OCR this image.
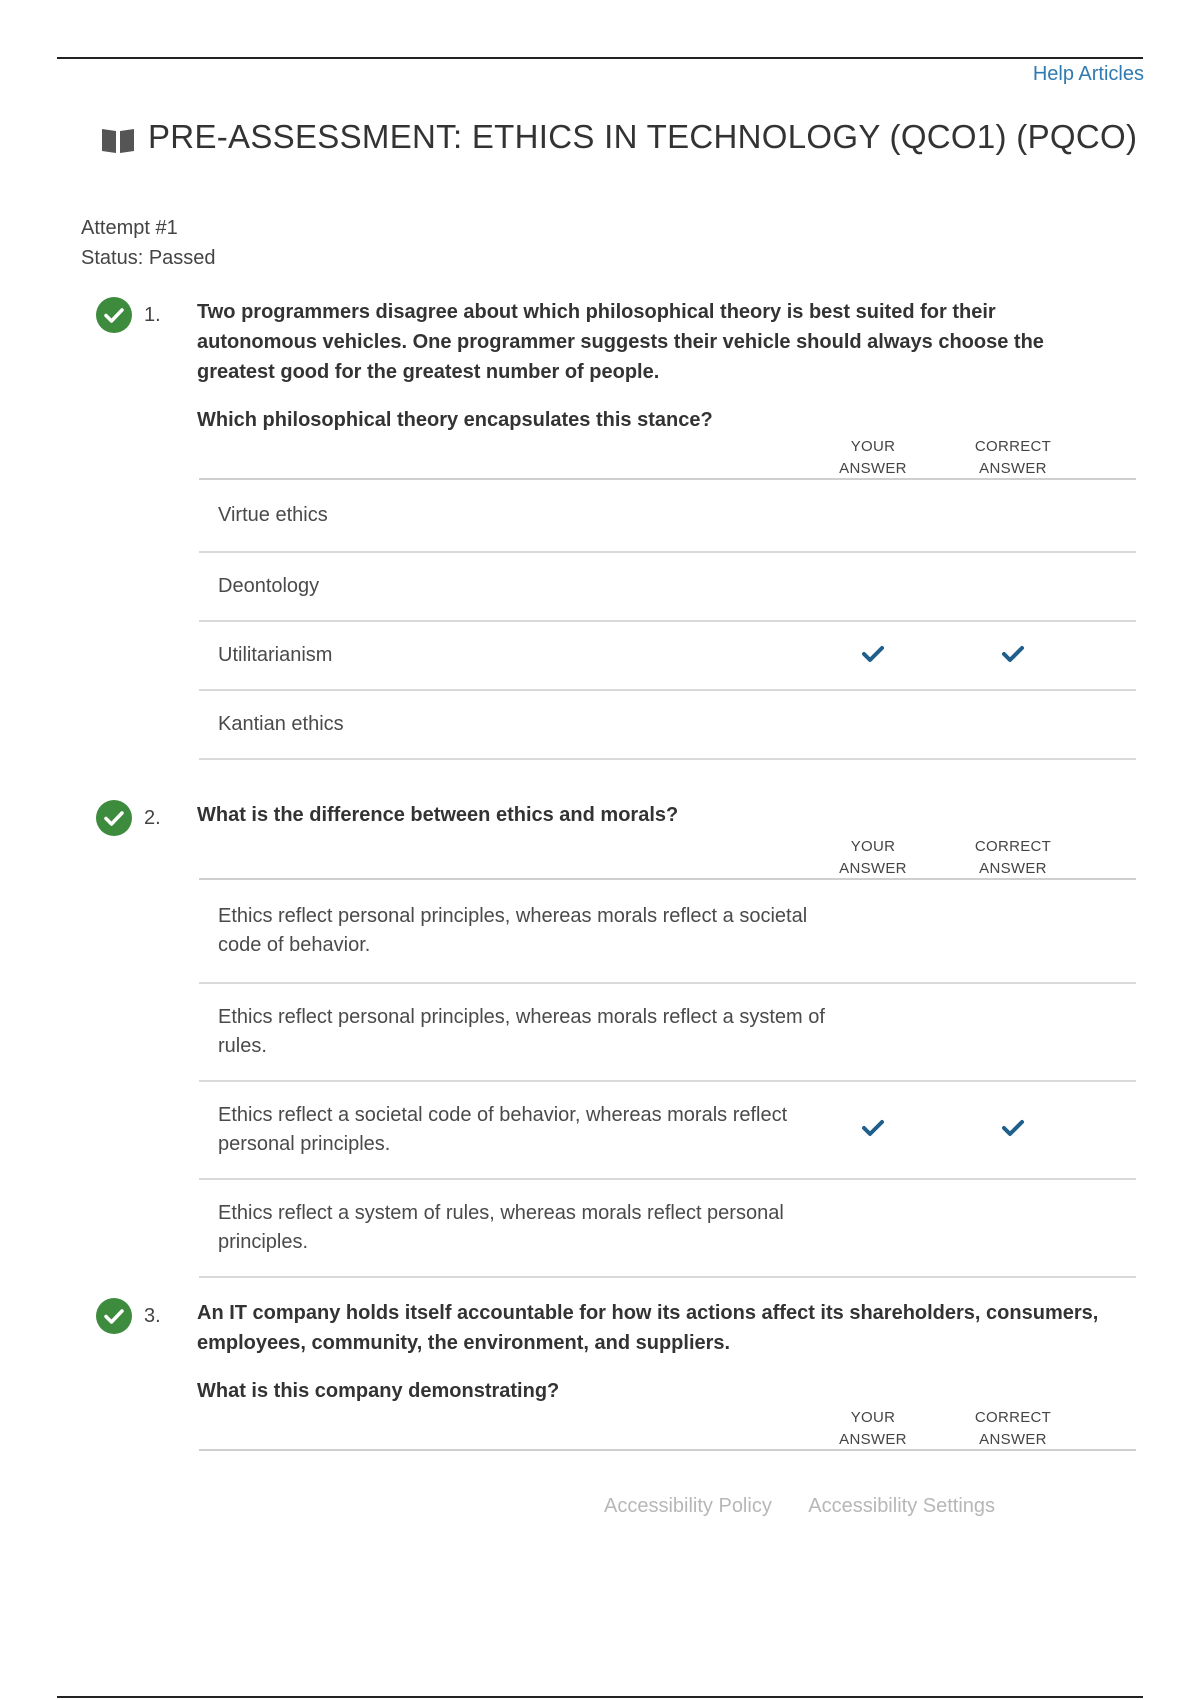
Help Articles
PRE-ASSESSMENT: ETHICS IN TECHNOLOGY (QCO1) (PQCO)
Attempt #1
Status: Passed
1. Two programmers disagree about which philosophical theory is best suited for their autonomous vehicles. One programmer suggests their vehicle should always choose the greatest good for the greatest number of people.
Which philosophical theory encapsulates this stance?
YOUR
ANSWER
CORRECT
ANSWER
Virtue ethics
Deontology
Utilitarianism
Kantian ethics
2. What is the difference between ethics and morals?
YOUR
ANSWER
CORRECT
ANSWER
Ethics reflect personal principles, whereas morals reflect a societal code of behavior.
Ethics reflect personal principles, whereas morals reflect a system of rules.
Ethics reflect a societal code of behavior, whereas morals reflect personal principles.
Ethics reflect a system of rules, whereas morals reflect personal principles.
3. An IT company holds itself accountable for how its actions affect its shareholders, consumers, employees, community, the environment, and suppliers.
What is this company demonstrating?
YOUR
ANSWER
CORRECT
ANSWER
Accessibility Policy Accessibility Settings
